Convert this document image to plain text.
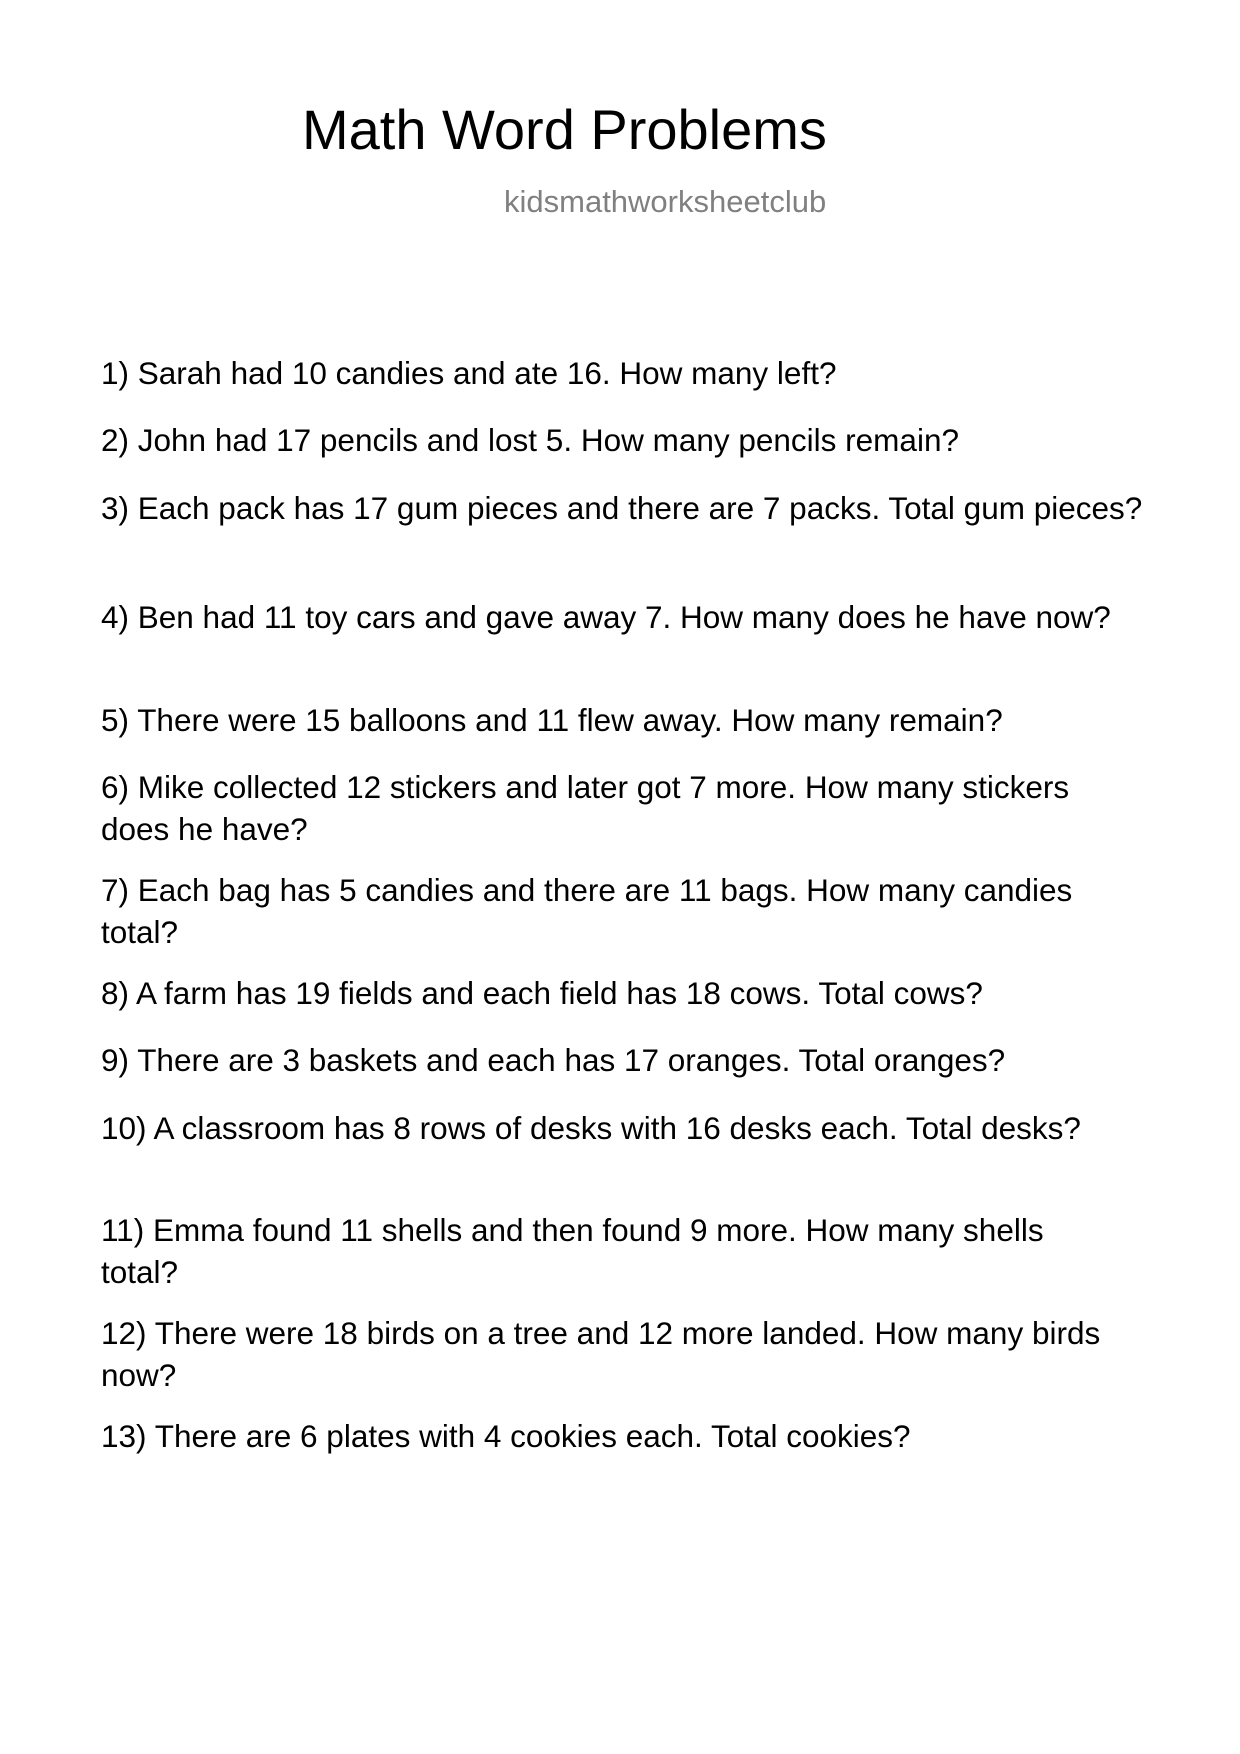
Math Word Problems
kidsmathworksheetclub
1) Sarah had 10 candies and ate 16. How many left?
2) John had 17 pencils and lost 5. How many pencils remain?
3) Each pack has 17 gum pieces and there are 7 packs. Total gum pieces?
4) Ben had 11 toy cars and gave away 7. How many does he have now?
5) There were 15 balloons and 11 flew away. How many remain?
6) Mike collected 12 stickers and later got 7 more. How many stickers does he have?
7) Each bag has 5 candies and there are 11 bags. How many candies total?
8) A farm has 19 fields and each field has 18 cows. Total cows?
9) There are 3 baskets and each has 17 oranges. Total oranges?
10) A classroom has 8 rows of desks with 16 desks each. Total desks?
11) Emma found 11 shells and then found 9 more. How many shells total?
12) There were 18 birds on a tree and 12 more landed. How many birds now?
13) There are 6 plates with 4 cookies each. Total cookies?
